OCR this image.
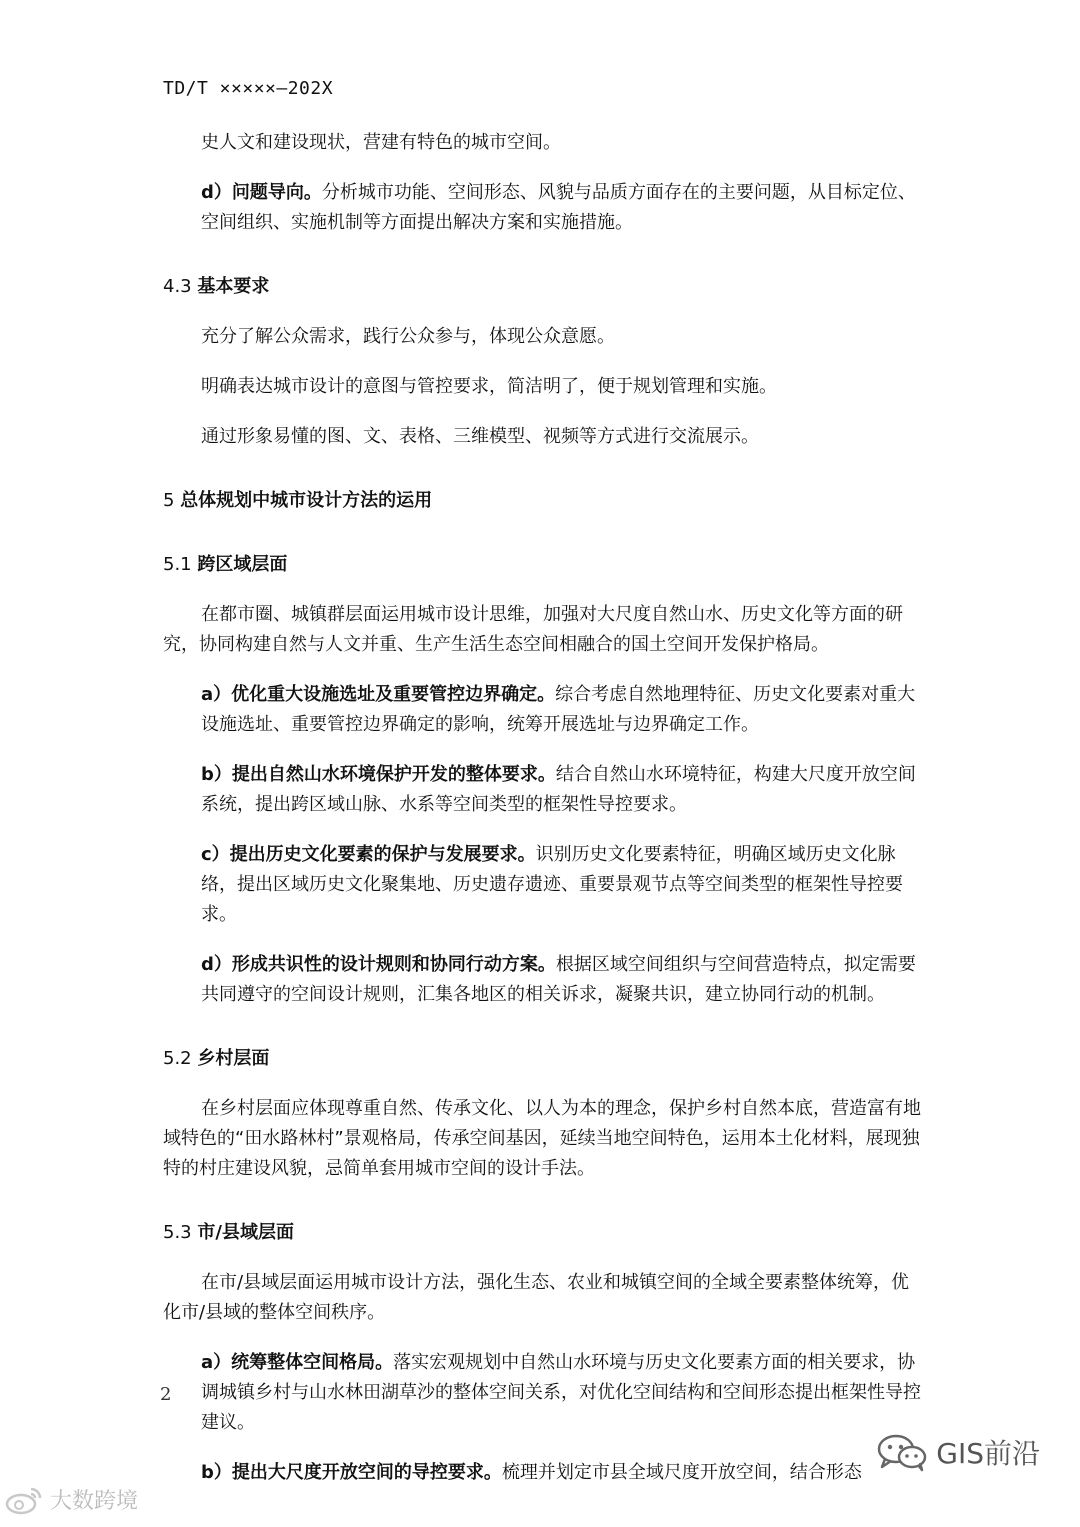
TD/T ×××××—202X

史人文和建设现状，营建有特色的城市空间。

d）问题导向。分析城市功能、空间形态、风貌与品质方面存在的主要问题，从目标定位、空间组织、实施机制等方面提出解决方案和实施措施。

4.3 基本要求

充分了解公众需求，践行公众参与，体现公众意愿。

明确表达城市设计的意图与管控要求，简洁明了，便于规划管理和实施。

通过形象易懂的图、文、表格、三维模型、视频等方式进行交流展示。

5 总体规划中城市设计方法的运用

5.1 跨区域层面

在都市圈、城镇群层面运用城市设计思维，加强对大尺度自然山水、历史文化等方面的研究，协同构建自然与人文并重、生产生活生态空间相融合的国土空间开发保护格局。

a）优化重大设施选址及重要管控边界确定。综合考虑自然地理特征、历史文化要素对重大设施选址、重要管控边界确定的影响，统筹开展选址与边界确定工作。

b）提出自然山水环境保护开发的整体要求。结合自然山水环境特征，构建大尺度开放空间系统，提出跨区域山脉、水系等空间类型的框架性导控要求。

c）提出历史文化要素的保护与发展要求。识别历史文化要素特征，明确区域历史文化脉络，提出区域历史文化聚集地、历史遗存遗迹、重要景观节点等空间类型的框架性导控要求。

d）形成共识性的设计规则和协同行动方案。根据区域空间组织与空间营造特点，拟定需要共同遵守的空间设计规则，汇集各地区的相关诉求，凝聚共识，建立协同行动的机制。

5.2 乡村层面

在乡村层面应体现尊重自然、传承文化、以人为本的理念，保护乡村自然本底，营造富有地域特色的“田水路林村”景观格局，传承空间基因，延续当地空间特色，运用本土化材料，展现独特的村庄建设风貌，忌简单套用城市空间的设计手法。

5.3 市/县域层面

在市/县域层面运用城市设计方法，强化生态、农业和城镇空间的全域全要素整体统筹，优化市/县域的整体空间秩序。

a）统筹整体空间格局。落实宏观规划中自然山水环境与历史文化要素方面的相关要求，协调城镇乡村与山水林田湖草沙的整体空间关系，对优化空间结构和空间形态提出框架性导控建议。

b）提出大尺度开放空间的导控要求。梳理并划定市县全域尺度开放空间，结合形态

2
GIS前沿
大数跨境
